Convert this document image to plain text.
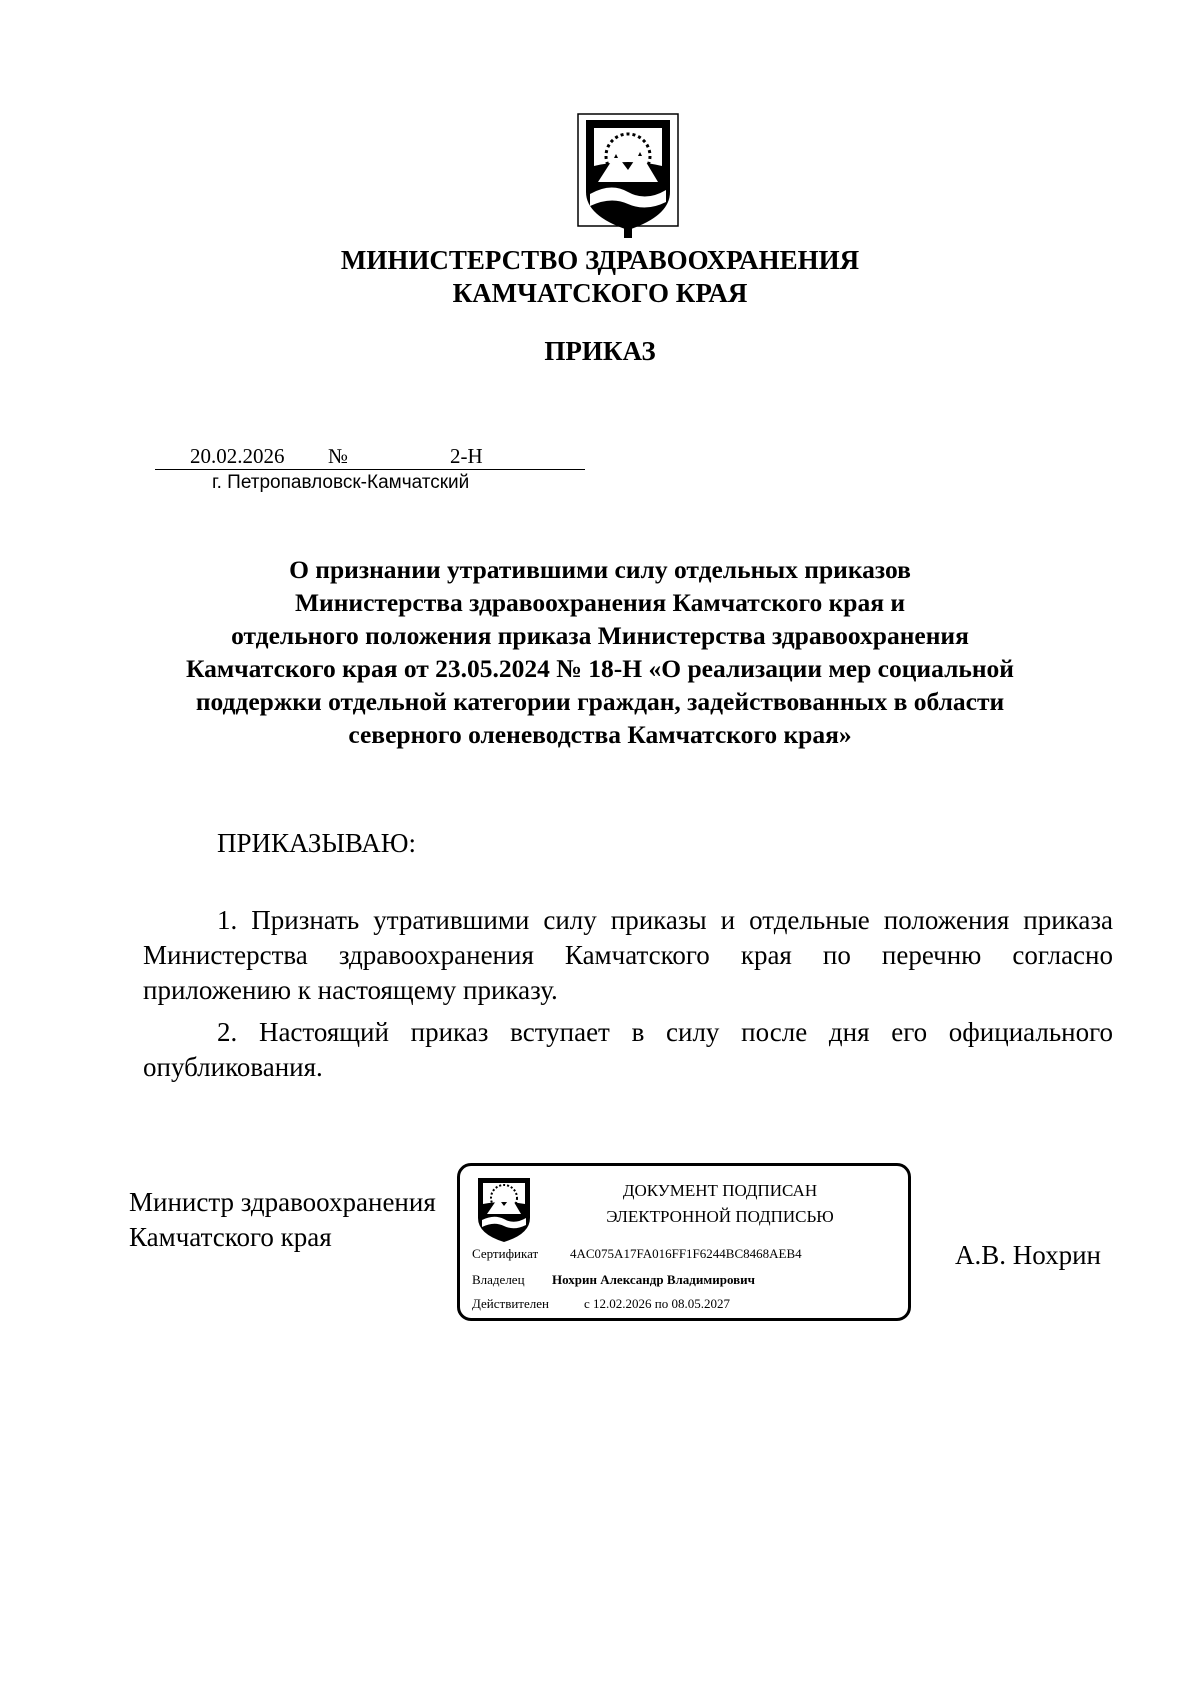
МИНИСТЕРСТВО ЗДРАВООХРАНЕНИЯ
КАМЧАТСКОГО КРАЯ
ПРИКАЗ
20.02.2026 №	2-Н
г. Петропавловск-Камчатский
О признании утратившими силу отдельных приказов
Министерства здравоохранения Камчатского края и
отдельного положения приказа Министерства здравоохранения
Камчатского края от 23.05.2024 № 18-Н «О реализации мер социальной
поддержки отдельной категории граждан, задействованных в области
северного оленеводства Камчатского края»
ПРИКАЗЫВАЮ:
1. Признать утратившими силу приказы и отдельные положения приказа
Министерства здравоохранения Камчатского края по перечню согласно приложению к настоящему приказу.
2. Настоящий приказ вступает в силу после дня его официального
опубликования.
Министр здравоохранения
Камчатского края
ДОКУМЕНТ ПОДПИСАН
ЭЛЕКТРОННОЙ ПОДПИСЬЮ
Сертификат 4AC075A17FA016FF1F6244BC8468AEB4
Владелец Нохрин Александр Владимирович
Действителен	с 12.02.2026 по 08.05.2027
А.В. Нохрин
